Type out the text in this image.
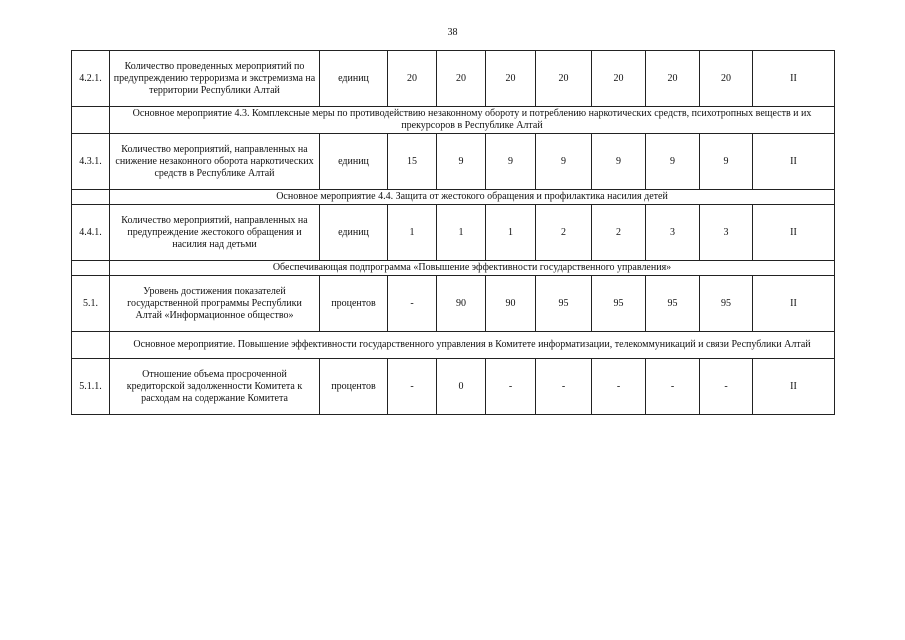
38
4.2.1.	Количество проведенных мероприятий по предупреждению терроризма и экстремизма на территории Республики Алтай	единиц	20	20	20	20	20	20	20	II
	Основное мероприятие 4.3. Комплексные меры по противодействию незаконному обороту и потреблению наркотических средств, психотропных веществ и их прекурсоров в Республике Алтай									
4.3.1.	Количество мероприятий, направленных на снижение незаконного оборота наркотических средств в Республике Алтай	единиц	15	9	9	9	9	9	9	II
	Основное мероприятие 4.4. Защита от жестокого обращения и профилактика насилия детей									
4.4.1.	Количество мероприятий, направленных на предупреждение жестокого обращения и насилия над детьми	единиц	1	1	1	2	2	3	3	II
	Обеспечивающая подпрограмма «Повышение эффективности государственного управления»									
5.1.	Уровень достижения показателей государственной программы Республики Алтай «Информационное общество»	процентов	-	90	90	95	95	95	95	II
	Основное мероприятие. Повышение эффективности государственного управления в Комитете информатизации, телекоммуникаций и связи Республики Алтай									
5.1.1.	Отношение объема просроченной кредиторской задолженности Комитета к расходам на содержание Комитета	процентов	-	0	-	-	-	-	-	II
